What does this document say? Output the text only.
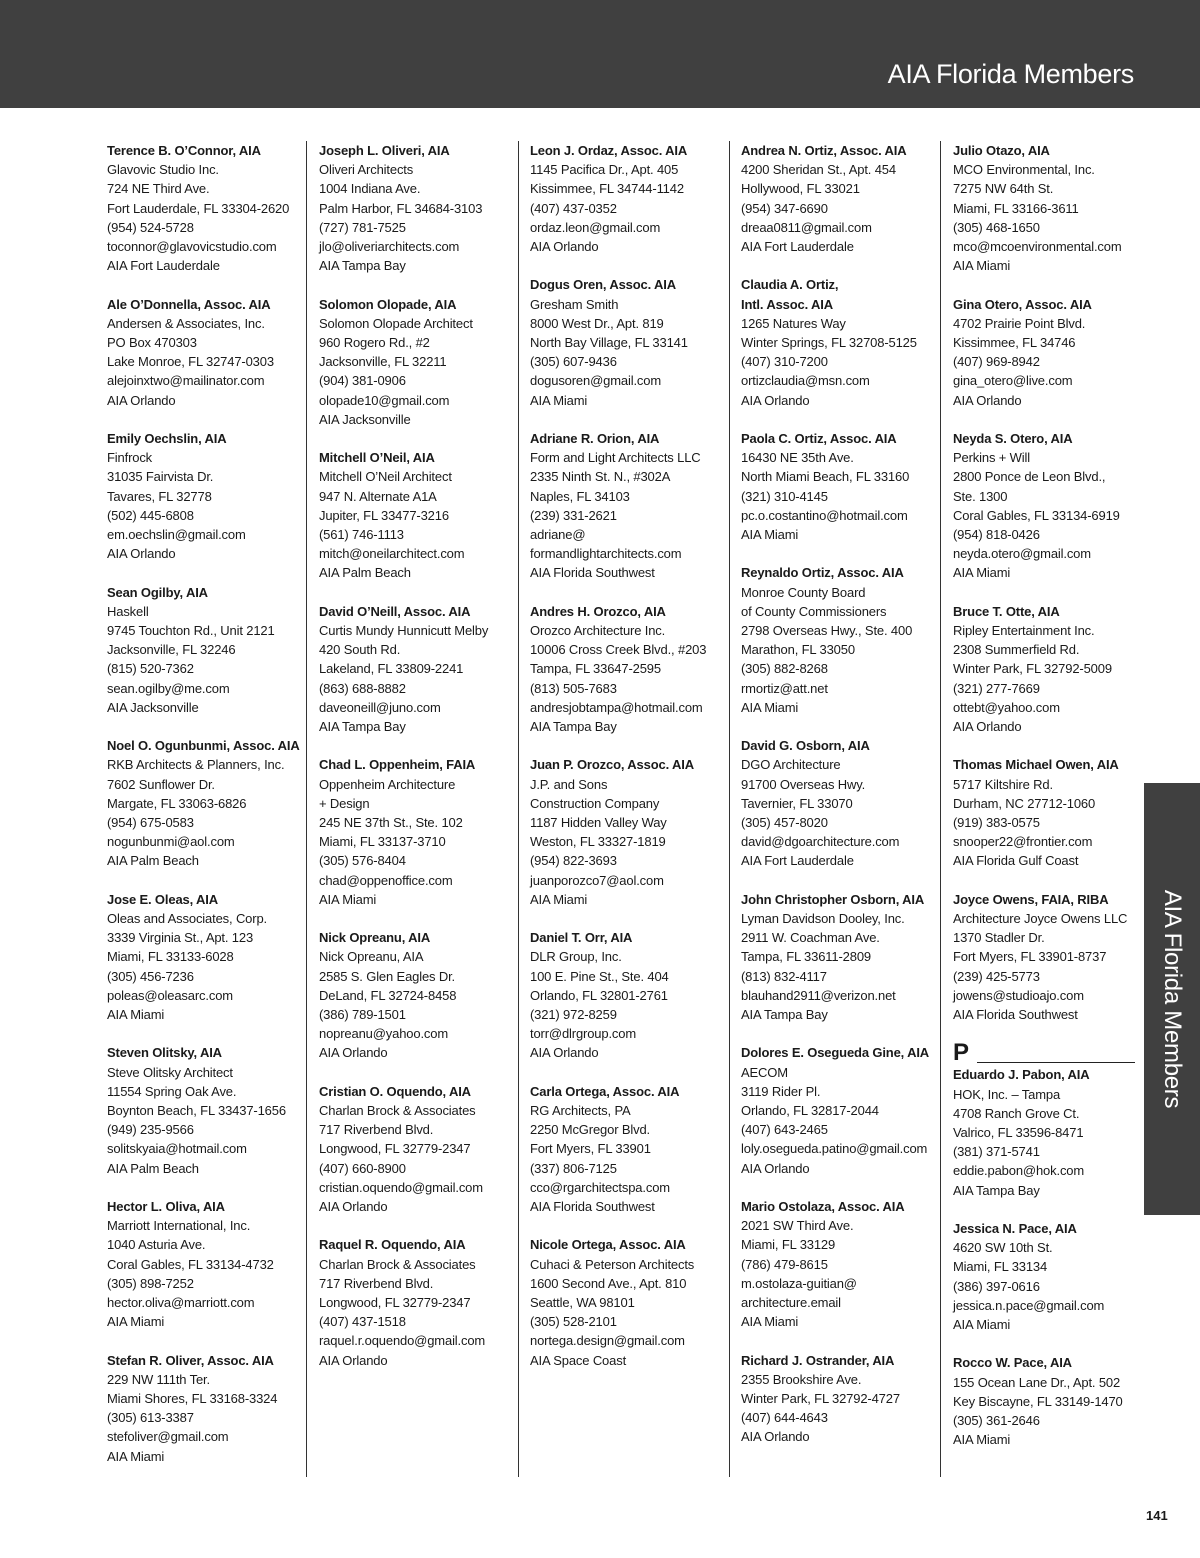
AIA Florida Members
Terence B. O’Connor, AIA
Glavovic Studio Inc.
724 NE Third Ave.
Fort Lauderdale, FL 33304-2620
(954) 524-5728
toconnor@glavovicstudio.com
AIA Fort Lauderdale
Ale O’Donnella, Assoc. AIA
Andersen & Associates, Inc.
PO Box 470303
Lake Monroe, FL 32747-0303
alejoinxtwo@mailinator.com
AIA Orlando
Emily Oechslin, AIA
Finfrock
31035 Fairvista Dr.
Tavares, FL 32778
(502) 445-6808
em.oechslin@gmail.com
AIA Orlando
Sean Ogilby, AIA
Haskell
9745 Touchton Rd., Unit 2121
Jacksonville, FL 32246
(815) 520-7362
sean.ogilby@me.com
AIA Jacksonville
Noel O. Ogunbunmi, Assoc. AIA
RKB Architects & Planners, Inc.
7602 Sunflower Dr.
Margate, FL 33063-6826
(954) 675-0583
nogunbunmi@aol.com
AIA Palm Beach
Jose E. Oleas, AIA
Oleas and Associates, Corp.
3339 Virginia St., Apt. 123
Miami, FL 33133-6028
(305) 456-7236
poleas@oleasarc.com
AIA Miami
Steven Olitsky, AIA
Steve Olitsky Architect
11554 Spring Oak Ave.
Boynton Beach, FL 33437-1656
(949) 235-9566
solitskyaia@hotmail.com
AIA Palm Beach
Hector L. Oliva, AIA
Marriott International, Inc.
1040 Asturia Ave.
Coral Gables, FL 33134-4732
(305) 898-7252
hector.oliva@marriott.com
AIA Miami
Stefan R. Oliver, Assoc. AIA
229 NW 111th Ter.
Miami Shores, FL 33168-3324
(305) 613-3387
stefoliver@gmail.com
AIA Miami
Joseph L. Oliveri, AIA
Oliveri Architects
1004 Indiana Ave.
Palm Harbor, FL 34684-3103
(727) 781-7525
jlo@oliveriarchitects.com
AIA Tampa Bay
Solomon Olopade, AIA
Solomon Olopade Architect
960 Rogero Rd., #2
Jacksonville, FL 32211
(904) 381-0906
olopade10@gmail.com
AIA Jacksonville
Mitchell O’Neil, AIA
Mitchell O’Neil Architect
947 N. Alternate A1A
Jupiter, FL 33477-3216
(561) 746-1113
mitch@oneilarchitect.com
AIA Palm Beach
David O’Neill, Assoc. AIA
Curtis Mundy Hunnicutt Melby
420 South Rd.
Lakeland, FL 33809-2241
(863) 688-8882
daveoneill@juno.com
AIA Tampa Bay
Chad L. Oppenheim, FAIA
Oppenheim Architecture
+ Design
245 NE 37th St., Ste. 102
Miami, FL 33137-3710
(305) 576-8404
chad@oppenoffice.com
AIA Miami
Nick Opreanu, AIA
Nick Opreanu, AIA
2585 S. Glen Eagles Dr.
DeLand, FL 32724-8458
(386) 789-1501
nopreanu@yahoo.com
AIA Orlando
Cristian O. Oquendo, AIA
Charlan Brock & Associates
717 Riverbend Blvd.
Longwood, FL 32779-2347
(407) 660-8900
cristian.oquendo@gmail.com
AIA Orlando
Raquel R. Oquendo, AIA
Charlan Brock & Associates
717 Riverbend Blvd.
Longwood, FL 32779-2347
(407) 437-1518
raquel.r.oquendo@gmail.com
AIA Orlando
Leon J. Ordaz, Assoc. AIA
1145 Pacifica Dr., Apt. 405
Kissimmee, FL 34744-1142
(407) 437-0352
ordaz.leon@gmail.com
AIA Orlando
Dogus Oren, Assoc. AIA
Gresham Smith
8000 West Dr., Apt. 819
North Bay Village, FL 33141
(305) 607-9436
dogusoren@gmail.com
AIA Miami
Adriane R. Orion, AIA
Form and Light Architects LLC
2335 Ninth St. N., #302A
Naples, FL 34103
(239) 331-2621
adriane@
formandlightarchitects.com
AIA Florida Southwest
Andres H. Orozco, AIA
Orozco Architecture Inc.
10006 Cross Creek Blvd., #203
Tampa, FL 33647-2595
(813) 505-7683
andresjobtampa@hotmail.com
AIA Tampa Bay
Juan P. Orozco, Assoc. AIA
J.P. and Sons
Construction Company
1187 Hidden Valley Way
Weston, FL 33327-1819
(954) 822-3693
juanporozco7@aol.com
AIA Miami
Daniel T. Orr, AIA
DLR Group, Inc.
100 E. Pine St., Ste. 404
Orlando, FL 32801-2761
(321) 972-8259
torr@dlrgroup.com
AIA Orlando
Carla Ortega, Assoc. AIA
RG Architects, PA
2250 McGregor Blvd.
Fort Myers, FL 33901
(337) 806-7125
cco@rgarchitectspa.com
AIA Florida Southwest
Nicole Ortega, Assoc. AIA
Cuhaci & Peterson Architects
1600 Second Ave., Apt. 810
Seattle, WA 98101
(305) 528-2101
nortega.design@gmail.com
AIA Space Coast
Andrea N. Ortiz, Assoc. AIA
4200 Sheridan St., Apt. 454
Hollywood, FL 33021
(954) 347-6690
dreaa0811@gmail.com
AIA Fort Lauderdale
Claudia A. Ortiz,
Intl. Assoc. AIA
1265 Natures Way
Winter Springs, FL 32708-5125
(407) 310-7200
ortizclaudia@msn.com
AIA Orlando
Paola C. Ortiz, Assoc. AIA
16430 NE 35th Ave.
North Miami Beach, FL 33160
(321) 310-4145
pc.o.costantino@hotmail.com
AIA Miami
Reynaldo Ortiz, Assoc. AIA
Monroe County Board
of County Commissioners
2798 Overseas Hwy., Ste. 400
Marathon, FL 33050
(305) 882-8268
rmortiz@att.net
AIA Miami
David G. Osborn, AIA
DGO Architecture
91700 Overseas Hwy.
Tavernier, FL 33070
(305) 457-8020
david@dgoarchitecture.com
AIA Fort Lauderdale
John Christopher Osborn, AIA
Lyman Davidson Dooley, Inc.
2911 W. Coachman Ave.
Tampa, FL 33611-2809
(813) 832-4117
blauhand2911@verizon.net
AIA Tampa Bay
Dolores E. Osegueda Gine, AIA
AECOM
3119 Rider Pl.
Orlando, FL 32817-2044
(407) 643-2465
loly.osegueda.patino@gmail.com
AIA Orlando
Mario Ostolaza, Assoc. AIA
2021 SW Third Ave.
Miami, FL 33129
(786) 479-8615
m.ostolaza-guitian@
architecture.email
AIA Miami
Richard J. Ostrander, AIA
2355 Brookshire Ave.
Winter Park, FL 32792-4727
(407) 644-4643
AIA Orlando
Julio Otazo, AIA
MCO Environmental, Inc.
7275 NW 64th St.
Miami, FL 33166-3611
(305) 468-1650
mco@mcoenvironmental.com
AIA Miami
Gina Otero, Assoc. AIA
4702 Prairie Point Blvd.
Kissimmee, FL 34746
(407) 969-8942
gina_otero@live.com
AIA Orlando
Neyda S. Otero, AIA
Perkins + Will
2800 Ponce de Leon Blvd.,
Ste. 1300
Coral Gables, FL 33134-6919
(954) 818-0426
neyda.otero@gmail.com
AIA Miami
Bruce T. Otte, AIA
Ripley Entertainment Inc.
2308 Summerfield Rd.
Winter Park, FL 32792-5009
(321) 277-7669
ottebt@yahoo.com
AIA Orlando
Thomas Michael Owen, AIA
5717 Kiltshire Rd.
Durham, NC 27712-1060
(919) 383-0575
snooper22@frontier.com
AIA Florida Gulf Coast
Joyce Owens, FAIA, RIBA
Architecture Joyce Owens LLC
1370 Stadler Dr.
Fort Myers, FL 33901-8737
(239) 425-5773
jowens@studioajo.com
AIA Florida Southwest
P
Eduardo J. Pabon, AIA
HOK, Inc. – Tampa
4708 Ranch Grove Ct.
Valrico, FL 33596-8471
(381) 371-5741
eddie.pabon@hok.com
AIA Tampa Bay
Jessica N. Pace, AIA
4620 SW 10th St.
Miami, FL 33134
(386) 397-0616
jessica.n.pace@gmail.com
AIA Miami
Rocco W. Pace, AIA
155 Ocean Lane Dr., Apt. 502
Key Biscayne, FL 33149-1470
(305) 361-2646
AIA Miami
AIA Florida Members
141
